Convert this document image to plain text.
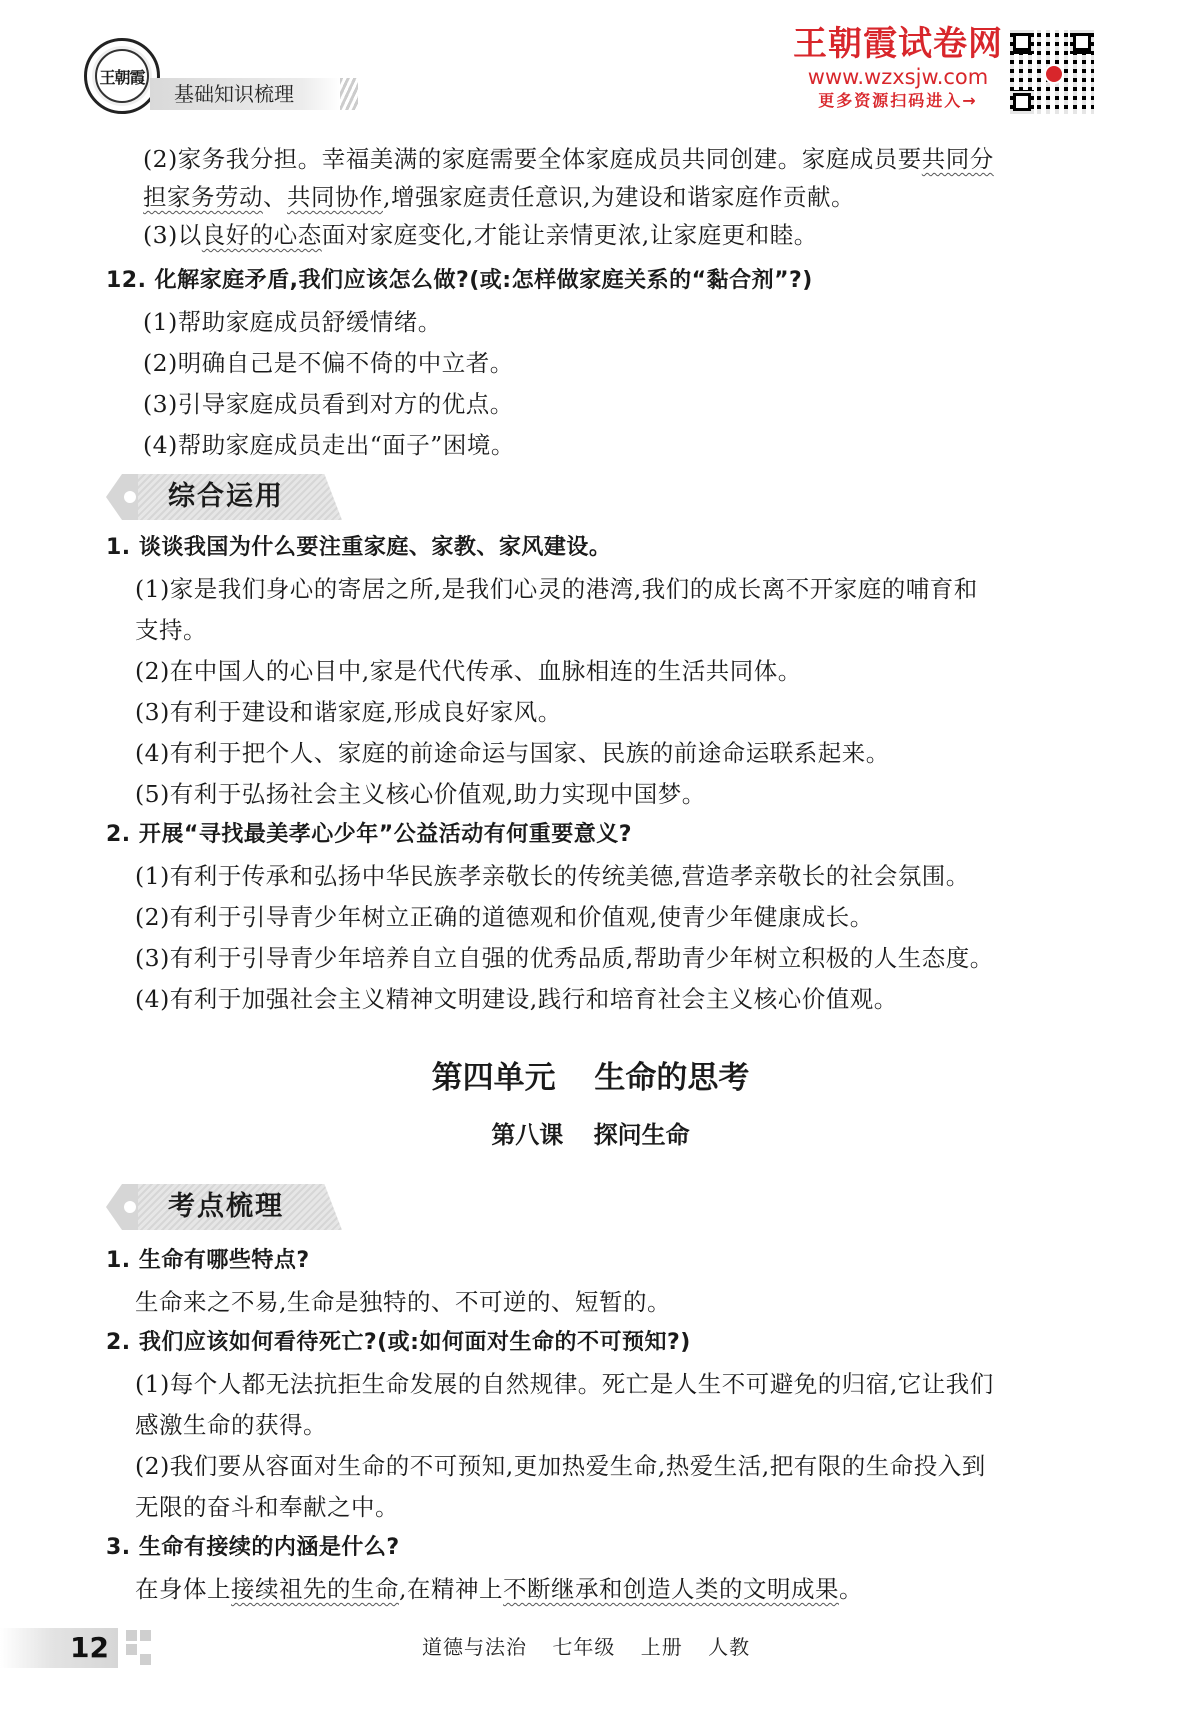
王朝霞
基础知识梳理
王朝霞试卷网
www.wzxsjw.com
更多资源扫码进入→
(2)家务我分担。幸福美满的家庭需要全体家庭成员共同创建。家庭成员要共同分
担家务劳动、共同协作,增强家庭责任意识,为建设和谐家庭作贡献。
(3)以良好的心态面对家庭变化,才能让亲情更浓,让家庭更和睦。
12. 化解家庭矛盾,我们应该怎么做?(或:怎样做家庭关系的“黏合剂”?)
(1)帮助家庭成员舒缓情绪。
(2)明确自己是不偏不倚的中立者。
(3)引导家庭成员看到对方的优点。
(4)帮助家庭成员走出“面子”困境。
综合运用
1. 谈谈我国为什么要注重家庭、家教、家风建设。
(1)家是我们身心的寄居之所,是我们心灵的港湾,我们的成长离不开家庭的哺育和
支持。
(2)在中国人的心目中,家是代代传承、血脉相连的生活共同体。
(3)有利于建设和谐家庭,形成良好家风。
(4)有利于把个人、家庭的前途命运与国家、民族的前途命运联系起来。
(5)有利于弘扬社会主义核心价值观,助力实现中国梦。
2. 开展“寻找最美孝心少年”公益活动有何重要意义?
(1)有利于传承和弘扬中华民族孝亲敬长的传统美德,营造孝亲敬长的社会氛围。
(2)有利于引导青少年树立正确的道德观和价值观,使青少年健康成长。
(3)有利于引导青少年培养自立自强的优秀品质,帮助青少年树立积极的人生态度。
(4)有利于加强社会主义精神文明建设,践行和培育社会主义核心价值观。
第四单元 生命的思考
第八课 探问生命
考点梳理
1. 生命有哪些特点?
生命来之不易,生命是独特的、不可逆的、短暂的。
2. 我们应该如何看待死亡?(或:如何面对生命的不可预知?)
(1)每个人都无法抗拒生命发展的自然规律。死亡是人生不可避免的归宿,它让我们
感激生命的获得。
(2)我们要从容面对生命的不可预知,更加热爱生命,热爱生活,把有限的生命投入到
无限的奋斗和奉献之中。
3. 生命有接续的内涵是什么?
在身体上接续祖先的生命,在精神上不断继承和创造人类的文明成果。
12	道德与法治 七年级 上册 人教
